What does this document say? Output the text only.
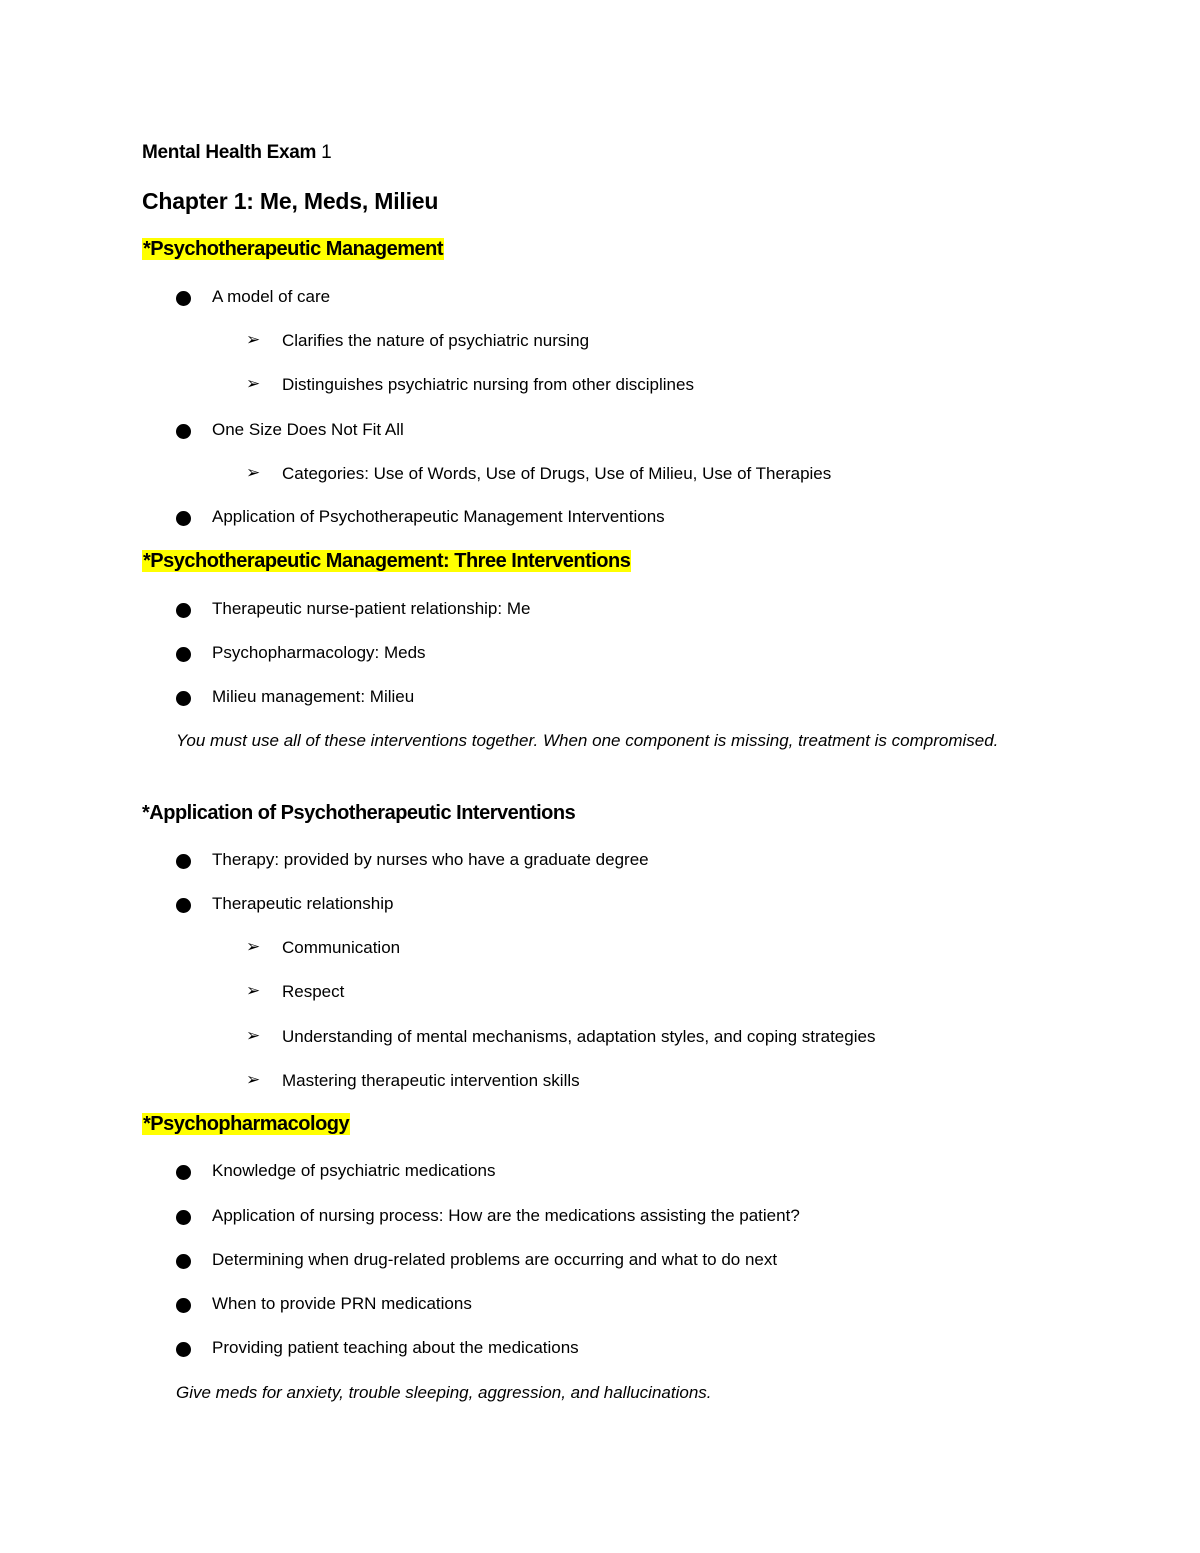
Mental Health Exam 1
Chapter 1: Me, Meds, Milieu
*Psychotherapeutic Management
A model of care
➢ Clarifies the nature of psychiatric nursing
➢ Distinguishes psychiatric nursing from other disciplines
One Size Does Not Fit All
➢ Categories: Use of Words, Use of Drugs, Use of Milieu, Use of Therapies
Application of Psychotherapeutic Management Interventions
*Psychotherapeutic Management: Three Interventions
Therapeutic nurse-patient relationship: Me
Psychopharmacology: Meds
Milieu management: Milieu
You must use all of these interventions together. When one component is missing, treatment is compromised.
*Application of Psychotherapeutic Interventions
Therapy: provided by nurses who have a graduate degree
Therapeutic relationship
➢ Communication
➢ Respect
➢ Understanding of mental mechanisms, adaptation styles, and coping strategies
➢ Mastering therapeutic intervention skills
*Psychopharmacology
Knowledge of psychiatric medications
Application of nursing process: How are the medications assisting the patient?
Determining when drug-related problems are occurring and what to do next
When to provide PRN medications
Providing patient teaching about the medications
Give meds for anxiety, trouble sleeping, aggression, and hallucinations.
